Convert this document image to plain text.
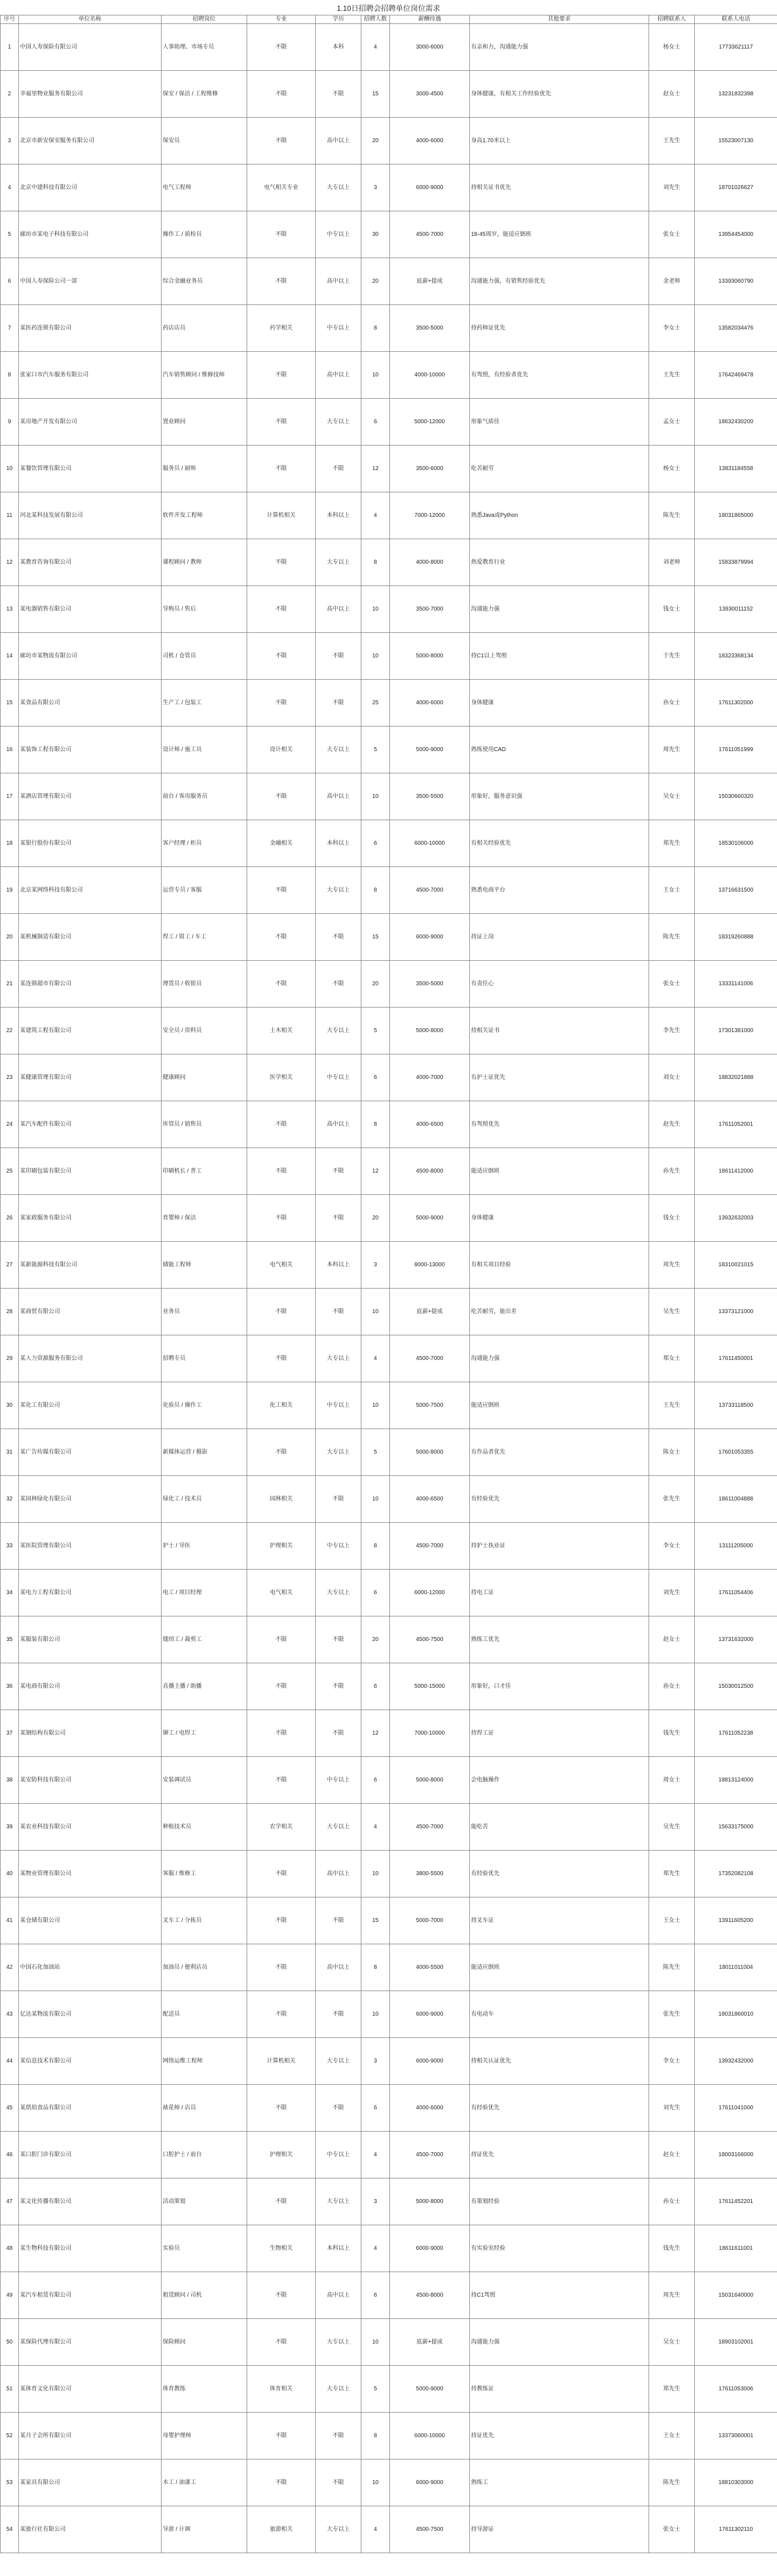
1.10日招聘会招聘单位岗位需求
序号	单位名称	招聘岗位	专业	学历	招聘人数	薪酬待遇	其他要求	招聘联系人	联系人电话
1	中国人寿保险有限公司	人事助理、市场专员	不限	本科	4	3000-6000	有亲和力，沟通能力强	杨女士	17733621117
2	幸福里物业服务有限公司	保安 / 保洁 / 工程维修	不限	不限	15	3000-4500	身体健康，有相关工作经验优先	赵女士	13231832398
3	北京市新安保安服务有限公司	保安员	不限	高中以上	20	4000-6000	身高1.70米以上	王先生	15523007130
4	北京中建科技有限公司	电气工程师	电气相关专业	大专以上	3	6000-9000	持相关证书优先	刘先生	18701026627
5	廊坊市某电子科技有限公司	操作工 / 质检员	不限	中专以上	30	4500-7000	18-45周岁，能适应倒班	张女士	13954454000
6	中国人寿保险公司一部	综合金融业务员	不限	高中以上	20	底薪+提成	沟通能力强，有销售经验优先	金老师	13393060790
7	某医药连锁有限公司	药店店员	药学相关	中专以上	8	3500-5000	持药师证优先	李女士	13582034476
8	张家口市汽车服务有限公司	汽车销售顾问 / 维修技师	不限	高中以上	10	4000-10000	有驾照，有经验者优先	王先生	17642469478
9	某房地产开发有限公司	置业顾问	不限	大专以上	6	5000-12000	形象气质佳	孟女士	18632430200
10	某餐饮管理有限公司	服务员 / 厨师	不限	不限	12	3500-6000	吃苦耐劳	杨女士	13831184558
11	河北某科技发展有限公司	软件开发工程师	计算机相关	本科以上	4	7000-12000	熟悉Java或Python	陈先生	18031865000
12	某教育咨询有限公司	课程顾问 / 教师	不限	大专以上	8	4000-8000	热爱教育行业	刘老师	15833879994
13	某电器销售有限公司	导购员 / 售后	不限	高中以上	10	3500-7000	沟通能力强	钱女士	13930011152
14	廊坊市某物流有限公司	司机 / 仓管员	不限	不限	10	5000-8000	持C1以上驾照	于先生	18323368134
15	某食品有限公司	生产工 / 包装工	不限	不限	25	4000-6000	身体健康	孙女士	17611302000
16	某装饰工程有限公司	设计师 / 施工员	设计相关	大专以上	5	5000-9000	熟练使用CAD	周先生	17611051999
17	某酒店管理有限公司	前台 / 客房服务员	不限	高中以上	10	3500-5500	形象好，服务意识强	吴女士	15030660320
18	某银行股份有限公司	客户经理 / 柜员	金融相关	本科以上	6	6000-10000	有相关经验优先	郑先生	18530106000
19	北京某网络科技有限公司	运营专员 / 客服	不限	大专以上	8	4500-7000	熟悉电商平台	王女士	13716631500
20	某机械制造有限公司	焊工 / 钳工 / 车工	不限	不限	15	6000-9000	持证上岗	陈先生	18319260888
21	某连锁超市有限公司	理货员 / 收银员	不限	不限	20	3500-5000	有责任心	张女士	13331141006
22	某建筑工程有限公司	安全员 / 资料员	土木相关	大专以上	5	5000-8000	持相关证书	李先生	17301381000
23	某健康管理有限公司	健康顾问	医学相关	中专以上	6	4000-7000	有护士证优先	刘女士	18832021888
24	某汽车配件有限公司	库管员 / 销售员	不限	高中以上	8	4000-6500	有驾照优先	赵先生	17611052001
25	某印刷包装有限公司	印刷机长 / 普工	不限	不限	12	4500-8000	能适应倒班	孙先生	18611412000
26	某家政服务有限公司	育婴师 / 保洁	不限	不限	20	5000-9000	身体健康	钱女士	13932632003
27	某新能源科技有限公司	储能工程师	电气相关	本科以上	3	8000-13000	有相关项目经验	周先生	18310021015
28	某商贸有限公司	业务员	不限	不限	10	底薪+提成	吃苦耐劳，能出差	吴先生	13373121000
29	某人力资源服务有限公司	招聘专员	不限	大专以上	4	4500-7000	沟通能力强	郑女士	17611450001
30	某化工有限公司	化验员 / 操作工	化工相关	中专以上	10	5000-7500	能适应倒班	王先生	13733118500
31	某广告传媒有限公司	新媒体运营 / 摄影	不限	大专以上	5	5000-8000	有作品者优先	陈女士	17601053355
32	某园林绿化有限公司	绿化工 / 技术员	园林相关	不限	10	4000-6500	有经验优先	张先生	18611004888
33	某医院管理有限公司	护士 / 导医	护理相关	中专以上	8	4500-7000	持护士执业证	李女士	13111205000
34	某电力工程有限公司	电工 / 项目经理	电气相关	大专以上	6	6000-12000	持电工证	刘先生	17611054406
35	某服装有限公司	缝纫工 / 裁剪工	不限	不限	20	4500-7500	熟练工优先	赵女士	13731632000
36	某电商有限公司	直播主播 / 助播	不限	不限	6	5000-15000	形象好，口才佳	孙女士	15030012500
37	某钢结构有限公司	铆工 / 电焊工	不限	不限	12	7000-10000	持焊工证	钱先生	17611052238
38	某安防科技有限公司	安装调试员	不限	中专以上	6	5000-8000	会电脑操作	周女士	18813124000
39	某农业科技有限公司	种植技术员	农学相关	大专以上	4	4500-7000	能吃苦	吴先生	15633175000
40	某物业管理有限公司	客服 / 维修工	不限	高中以上	10	3800-5500	有经验优先	郑先生	17352082108
41	某仓储有限公司	叉车工 / 分拣员	不限	不限	15	5000-7000	持叉车证	王女士	13911605200
42	中国石化加油站	加油员 / 便利店员	不限	高中以上	8	4000-5500	能适应倒班	陈先生	18011011004
43	亿达某物流有限公司	配送员	不限	不限	10	6000-9000	有电动车	张先生	18031860010
44	某信息技术有限公司	网络运维工程师	计算机相关	大专以上	3	6000-9000	持相关认证优先	李女士	13932432000
45	某烘焙食品有限公司	裱花师 / 店员	不限	不限	6	4000-6000	有经验优先	刘先生	17611041000
46	某口腔门诊有限公司	口腔护士 / 前台	护理相关	中专以上	4	4500-7000	持证优先	赵女士	18003166000
47	某文化传播有限公司	活动策划	不限	大专以上	3	5000-8000	有策划经验	孙女士	17611452201
48	某生物科技有限公司	实验员	生物相关	本科以上	4	6000-9000	有实验室经验	钱先生	18611611001
49	某汽车租赁有限公司	租赁顾问 / 司机	不限	高中以上	6	4500-8000	持C1驾照	周先生	15031640000
50	某保险代理有限公司	保险顾问	不限	大专以上	10	底薪+提成	沟通能力强	吴女士	18903102001
51	某体育文化有限公司	体育教练	体育相关	大专以上	5	5000-9000	持教练证	郑先生	17611053006
52	某月子会所有限公司	母婴护理师	不限	不限	8	6000-10000	持证优先	王女士	13373060001
53	某家具有限公司	木工 / 油漆工	不限	不限	10	6000-9000	熟练工	陈先生	18810303000
54	某旅行社有限公司	导游 / 计调	旅游相关	大专以上	4	4500-7500	持导游证	张女士	17611302110
